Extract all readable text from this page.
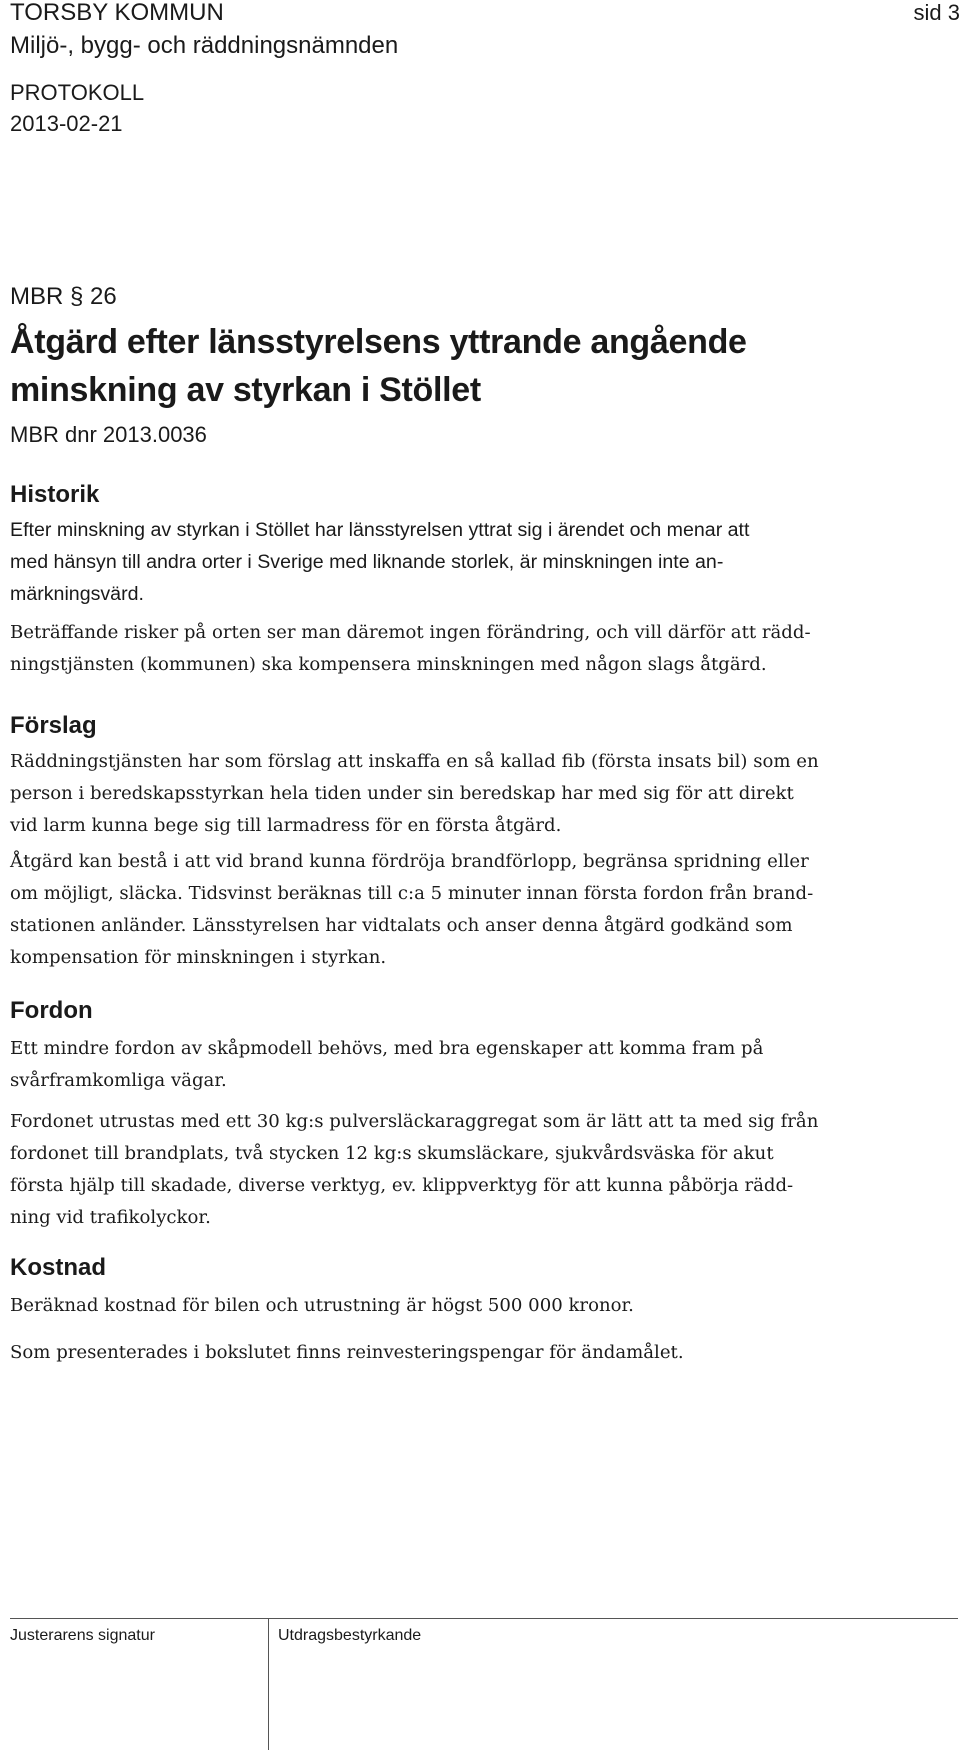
TORSBY KOMMUN
Miljö-, bygg- och räddningsnämnden
sid 3
PROTOKOLL
2013-02-21
MBR § 26
Åtgärd efter länsstyrelsens yttrande angående
minskning av styrkan i Stöllet
MBR dnr 2013.0036
Historik

Efter minskning av styrkan i Stöllet har länsstyrelsen yttrat sig i ärendet och menar att
med hänsyn till andra orter i Sverige med liknande storlek, är minskningen inte an-
märkningsvärd.

Beträffande risker på orten ser man däremot ingen förändring, och vill därför att rädd-
ningstjänsten (kommunen) ska kompensera minskningen med någon slags åtgärd.

Förslag

Räddningstjänsten har som förslag att inskaffa en så kallad fib (första insats bil) som en
person i beredskapsstyrkan hela tiden under sin beredskap har med sig för att direkt
vid larm kunna bege sig till larmadress för en första åtgärd.

Åtgärd kan bestå i att vid brand kunna fördröja brandförlopp, begränsa spridning eller
om möjligt, släcka. Tidsvinst beräknas till c:a 5 minuter innan första fordon från brand-
stationen anländer. Länsstyrelsen har vidtalats och anser denna åtgärd godkänd som
kompensation för minskningen i styrkan.

Fordon

Ett mindre fordon av skåpmodell behövs, med bra egenskaper att komma fram på
svårframkomliga vägar.

Fordonet utrustas med ett 30 kg:s pulversläckaraggregat som är lätt att ta med sig från
fordonet till brandplats, två stycken 12 kg:s skumsläckare, sjukvårdsväska för akut
första hjälp till skadade, diverse verktyg, ev. klippverktyg för att kunna påbörja rädd-
ning vid trafikolyckor.

Kostnad

Beräknad kostnad för bilen och utrustning är högst 500 000 kronor.

Som presenterades i bokslutet finns reinvesteringspengar för ändamålet.

Justerarens signatur	Utdragsbestyrkande
